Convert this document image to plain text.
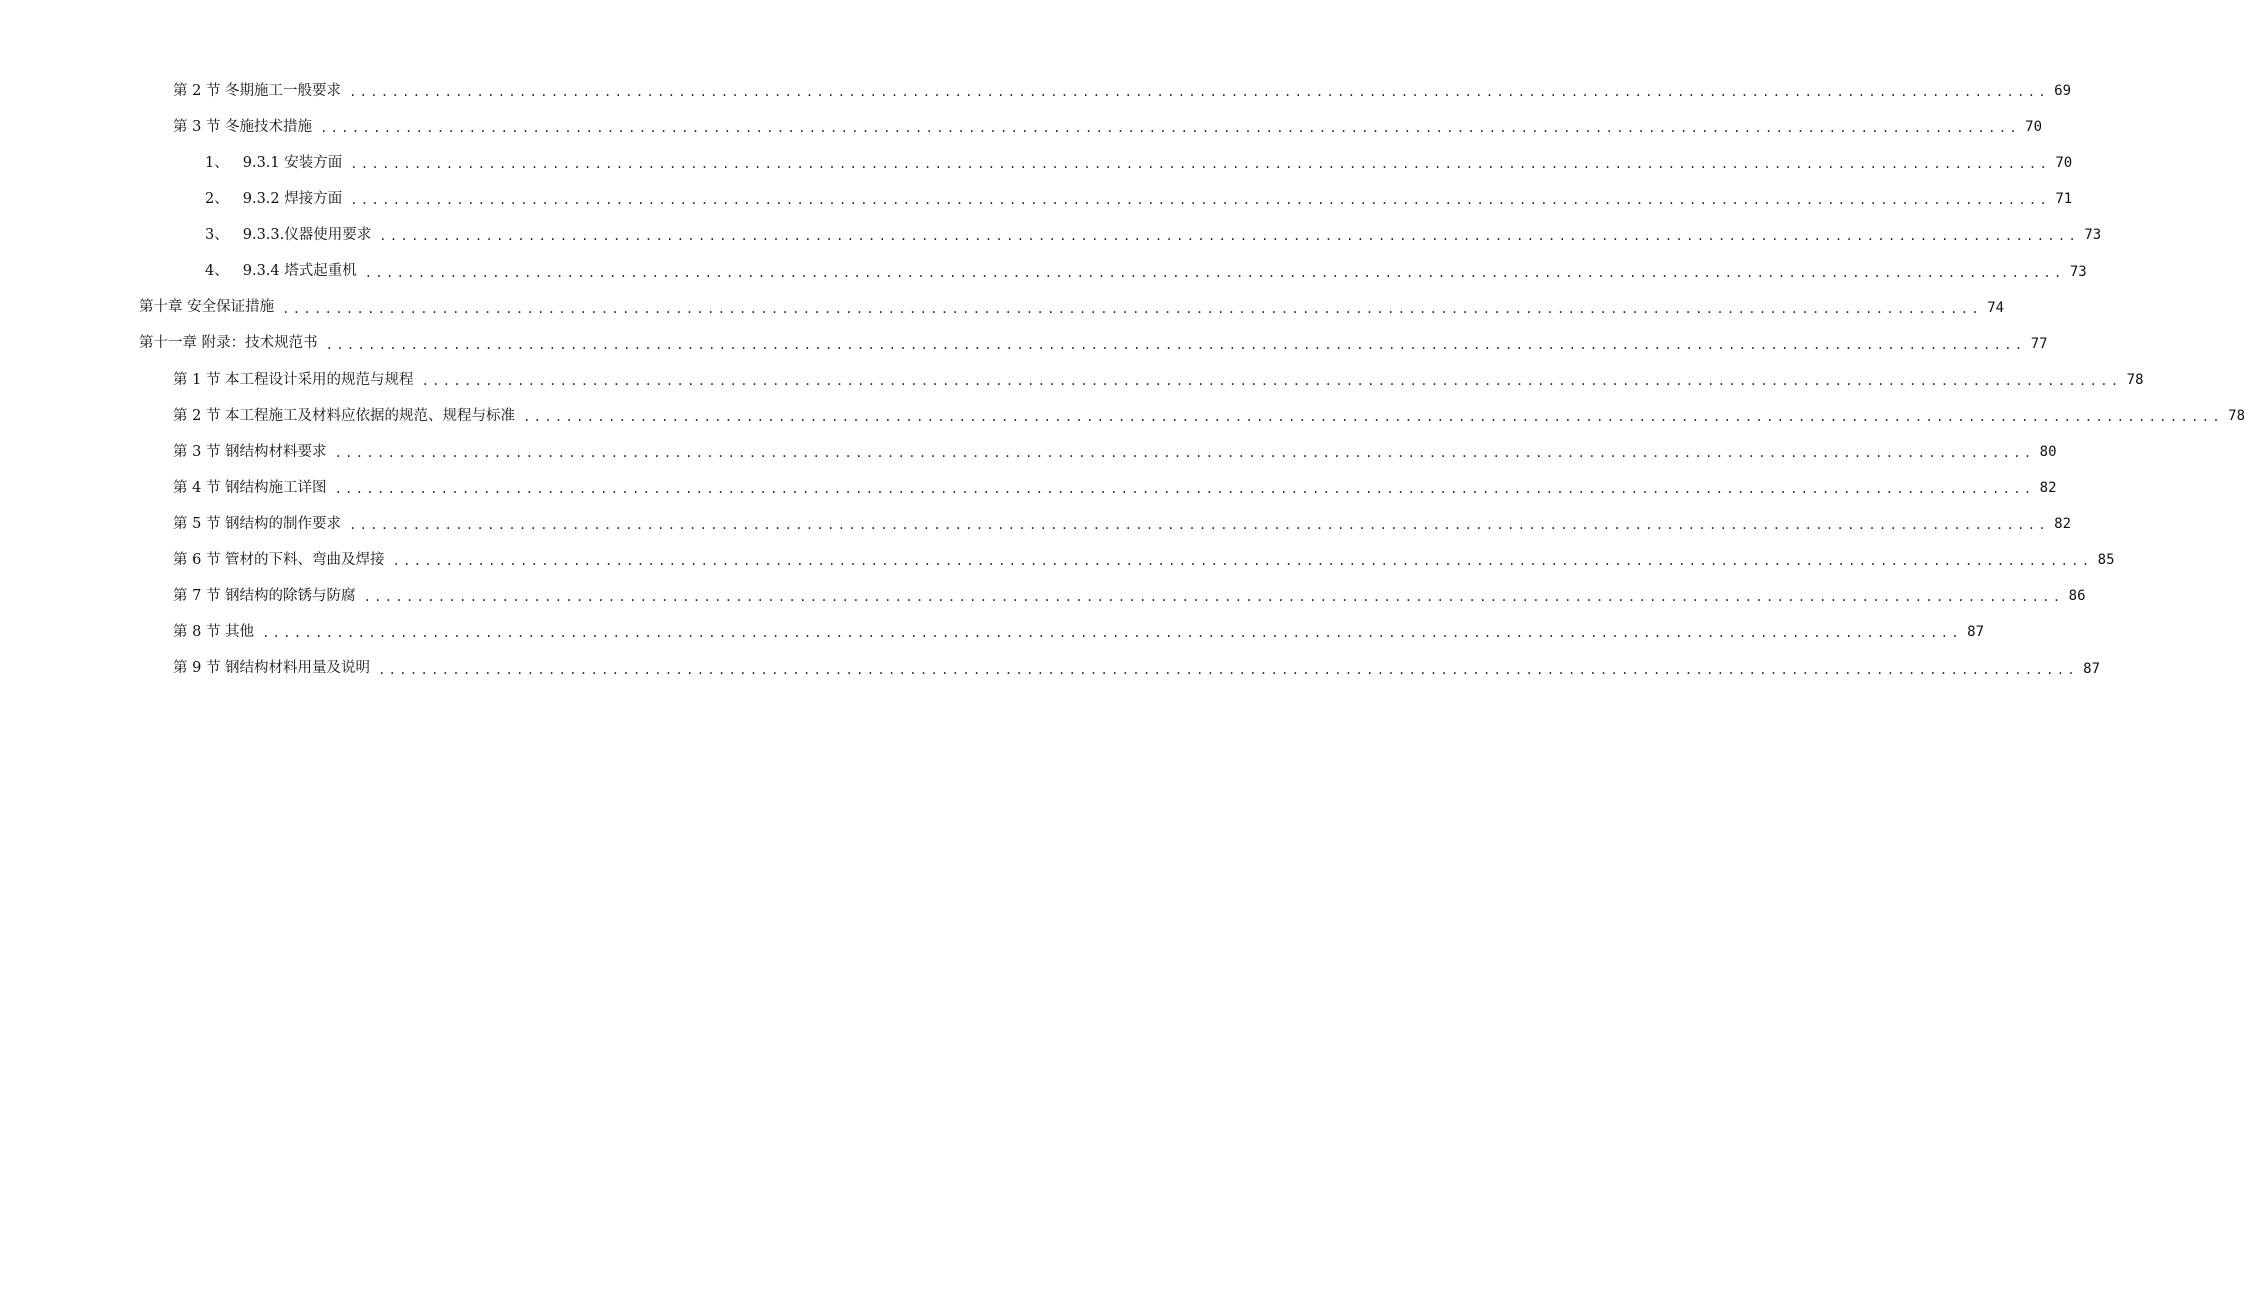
第 2 节 冬期施工一般要求 ................................................................................................................................................................ 69
第 3 节 冬施技术措施 ................................................................................................................................................................ 70
1、 9.3.1 安装方面 ................................................................................................................................................................ 70
2、 9.3.2 焊接方面 ................................................................................................................................................................ 71
3、 9.3.3.仪器使用要求 ................................................................................................................................................................ 73
4、 9.3.4 塔式起重机 ................................................................................................................................................................ 73
第十章 安全保证措施 ................................................................................................................................................................ 74
第十一章 附录：技术规范书 ................................................................................................................................................................ 77
第 1 节 本工程设计采用的规范与规程 ................................................................................................................................................................ 78
第 2 节 本工程施工及材料应依据的规范、规程与标准 ................................................................................................................................................................ 78
第 3 节 钢结构材料要求 ................................................................................................................................................................ 80
第 4 节 钢结构施工详图 ................................................................................................................................................................ 82
第 5 节 钢结构的制作要求 ................................................................................................................................................................ 82
第 6 节 管材的下料、弯曲及焊接 ................................................................................................................................................................ 85
第 7 节 钢结构的除锈与防腐 ................................................................................................................................................................ 86
第 8 节 其他 ................................................................................................................................................................ 87
第 9 节 钢结构材料用量及说明 ................................................................................................................................................................ 87
